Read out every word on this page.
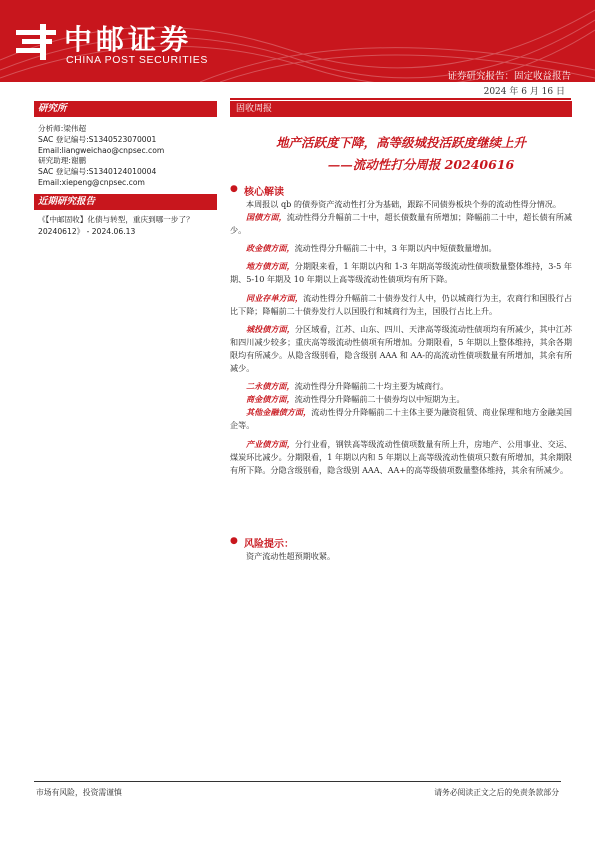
中邮证券
CHINA POST SECURITIES
证券研究报告：固定收益报告
2024 年 6 月 16 日
研究所
分析师:梁伟超
SAC 登记编号:S1340523070001
Email:liangweichao@cnpsec.com
研究助理:谢鹏
SAC 登记编号:S1340124010004
Email:xiepeng@cnpsec.com
近期研究报告
《【中邮固收】化债与转型，重庆到哪一步了？20240612》 - 2024.06.13
固收周报
地产活跃度下降，高等级城投活跃度继续上升
——流动性打分周报 20240616
● 核心解读
本周报以 qb 的债券资产流动性打分为基础，跟踪不同债券板块个券的流动性得分情况。
国债方面，流动性得分升幅前二十中，超长债数量有所增加；降幅前二十中，超长债有所减少。
政金债方面，流动性得分升幅前二十中，3 年期以内中短债数量增加。
地方债方面，分期限来看，1 年期以内和 1-3 年期高等级流动性债项数量整体维持，3-5 年期、5-10 年期及 10 年期以上高等级流动性债项均有所下降。
同业存单方面，流动性得分升幅前二十债券发行人中，仍以城商行为主，农商行和国股行占比下降；降幅前二十债券发行人以国股行和城商行为主，国股行占比上升。
城投债方面，分区域看，江苏、山东、四川、天津高等级流动性债项均有所减少，其中江苏和四川减少较多；重庆高等级流动性债项有所增加。分期限看，5 年期以上整体维持，其余各期限均有所减少。从隐含级别看，隐含级别 AAA 和 AA-的高流动性债项数量有所增加，其余有所减少。
二永债方面，流动性得分升降幅前二十均主要为城商行。
商金债方面，流动性得分升降幅前二十债券均以中短期为主。
其他金融债方面，流动性得分升降幅前二十主体主要为融资租赁、商业保理和地方金融美国企等。
产业债方面，分行业看，钢铁高等级流动性债项数量有所上升，房地产、公用事业、交运、煤炭环比减少。分期限看，1 年期以内和 5 年期以上高等级流动性债项只数有所增加，其余期限有所下降。分隐含级别看，隐含级别 AAA、AA+的高等级债项数量整体维持，其余有所减少。
● 风险提示：
资产流动性超预期收紧。
市场有风险，投资需谨慎	请务必阅读正文之后的免责条款部分
